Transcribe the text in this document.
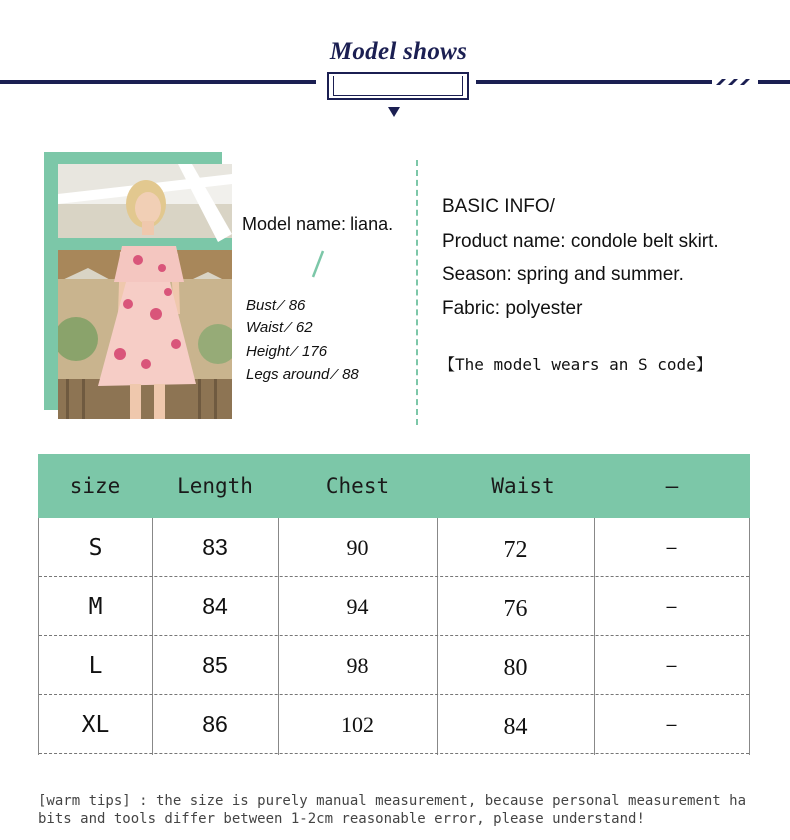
Model shows
Model name: liana.
Bust ⁄ 86
Waist ⁄ 62
Height ⁄ 176
Legs around ⁄ 88
BASIC INFO/
Product name: condole belt skirt.
Season: spring and summer.
Fabric: polyester
【The model wears an S code】
size	Length	Chest	Waist	–
S	83	90	72	–
M	84	94	76	–
L	85	98	80	–
XL	86	102	84	–
[warm tips] : the size is purely manual measurement, because personal measurement habits and tools differ between 1-2cm reasonable error, please understand!
